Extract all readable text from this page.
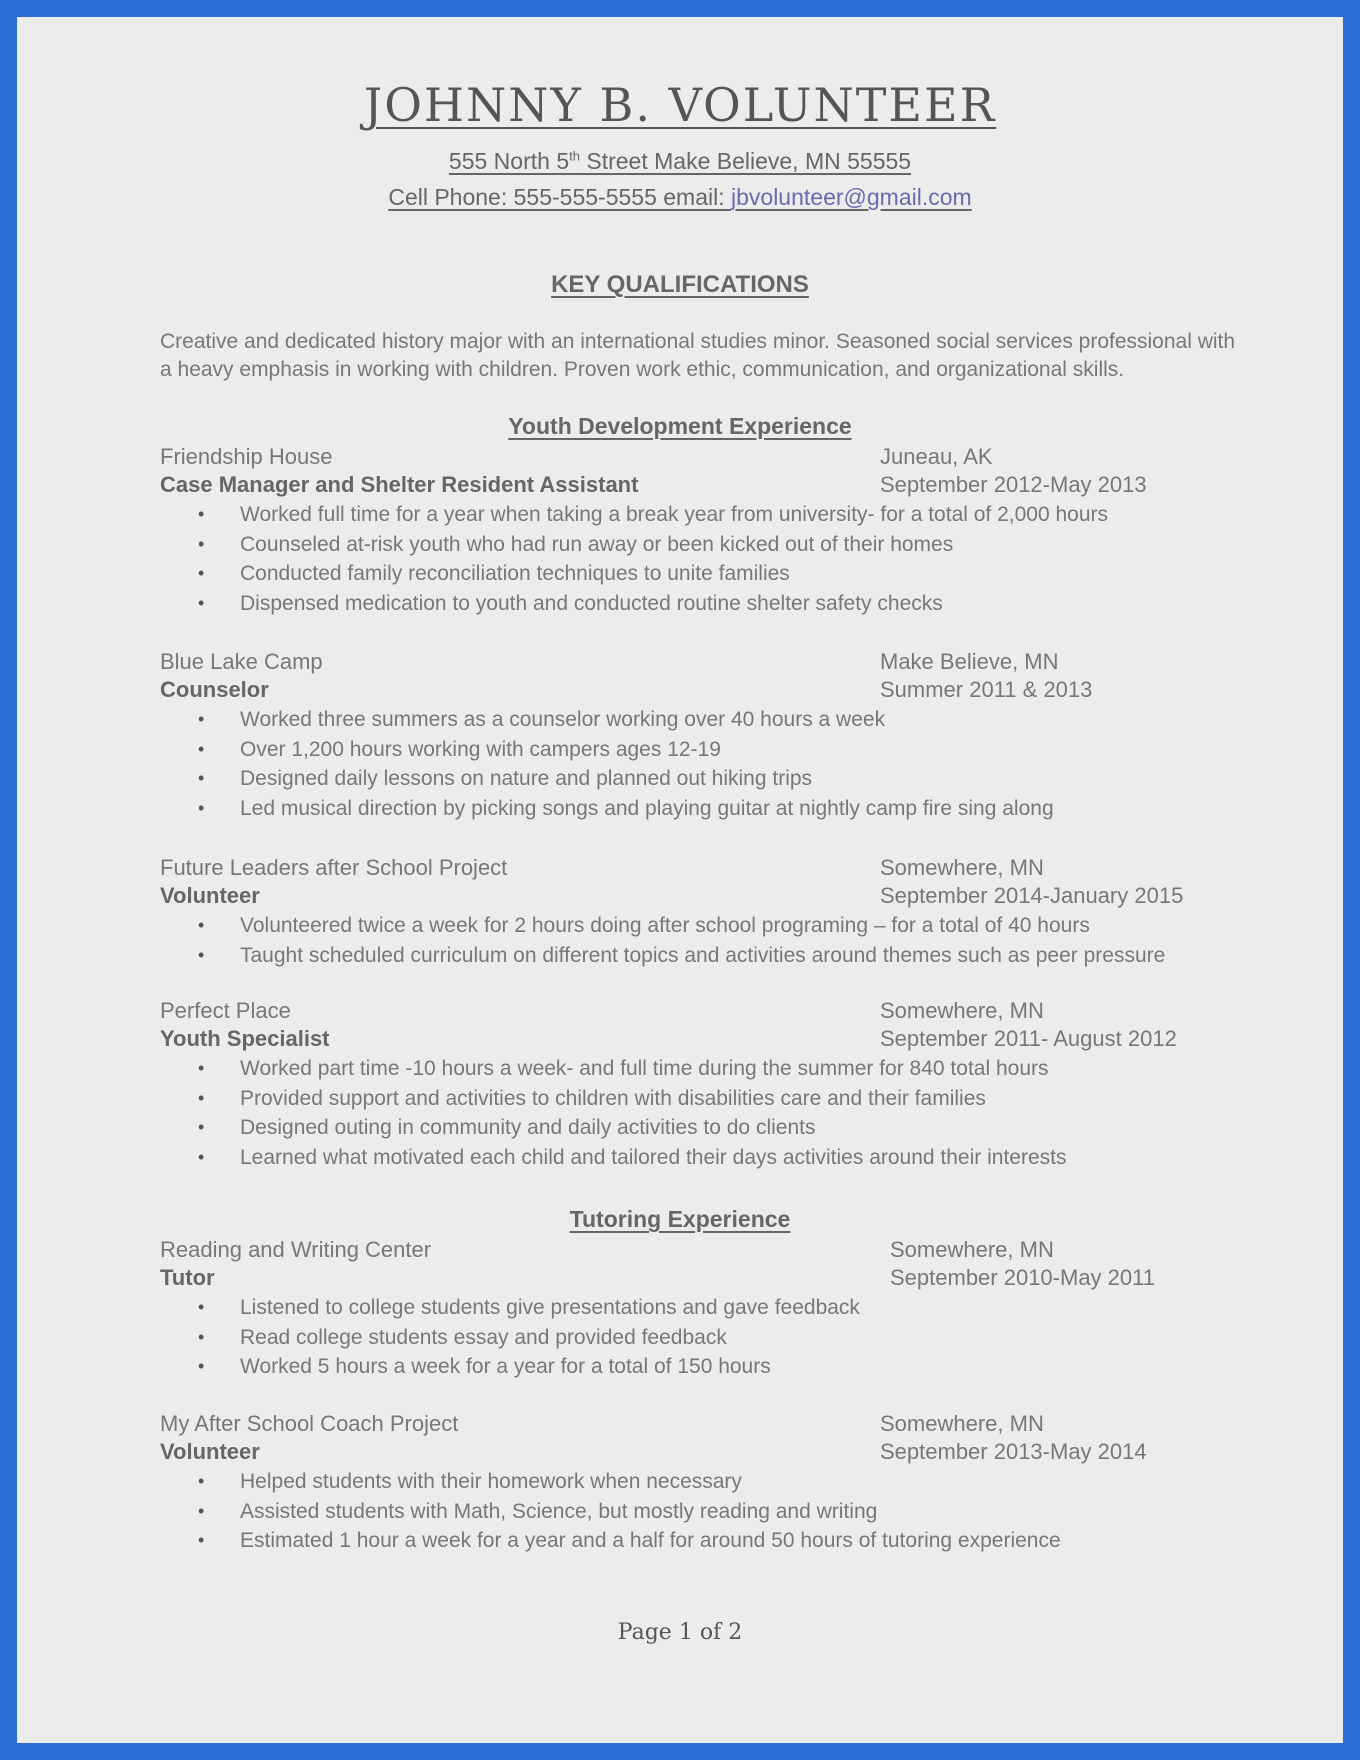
JOHNNY B. VOLUNTEER
555 North 5th Street Make Believe, MN 55555
Cell Phone: 555-555-5555 email: jbvolunteer@gmail.com
KEY QUALIFICATIONS
Creative and dedicated history major with an international studies minor. Seasoned social services professional with
a heavy emphasis in working with children. Proven work ethic, communication, and organizational skills.
Youth Development Experience
Friendship House	Juneau, AK
Case Manager and Shelter Resident Assistant	September 2012-May 2013
• Worked full time for a year when taking a break year from university- for a total of 2,000 hours
• Counseled at-risk youth who had run away or been kicked out of their homes
• Conducted family reconciliation techniques to unite families
• Dispensed medication to youth and conducted routine shelter safety checks
Blue Lake Camp	Make Believe, MN
Counselor	Summer 2011 & 2013
• Worked three summers as a counselor working over 40 hours a week
• Over 1,200 hours working with campers ages 12-19
• Designed daily lessons on nature and planned out hiking trips
• Led musical direction by picking songs and playing guitar at nightly camp fire sing along
Future Leaders after School Project	Somewhere, MN
Volunteer	September 2014-January 2015
• Volunteered twice a week for 2 hours doing after school programing – for a total of 40 hours
• Taught scheduled curriculum on different topics and activities around themes such as peer pressure
Perfect Place	Somewhere, MN
Youth Specialist	September 2011- August 2012
• Worked part time -10 hours a week- and full time during the summer for 840 total hours
• Provided support and activities to children with disabilities care and their families
• Designed outing in community and daily activities to do clients
• Learned what motivated each child and tailored their days activities around their interests
Tutoring Experience
Reading and Writing Center	Somewhere, MN
Tutor	September 2010-May 2011
• Listened to college students give presentations and gave feedback
• Read college students essay and provided feedback
• Worked 5 hours a week for a year for a total of 150 hours
My After School Coach Project	Somewhere, MN
Volunteer	September 2013-May 2014
• Helped students with their homework when necessary
• Assisted students with Math, Science, but mostly reading and writing
• Estimated 1 hour a week for a year and a half for around 50 hours of tutoring experience
Page 1 of 2
